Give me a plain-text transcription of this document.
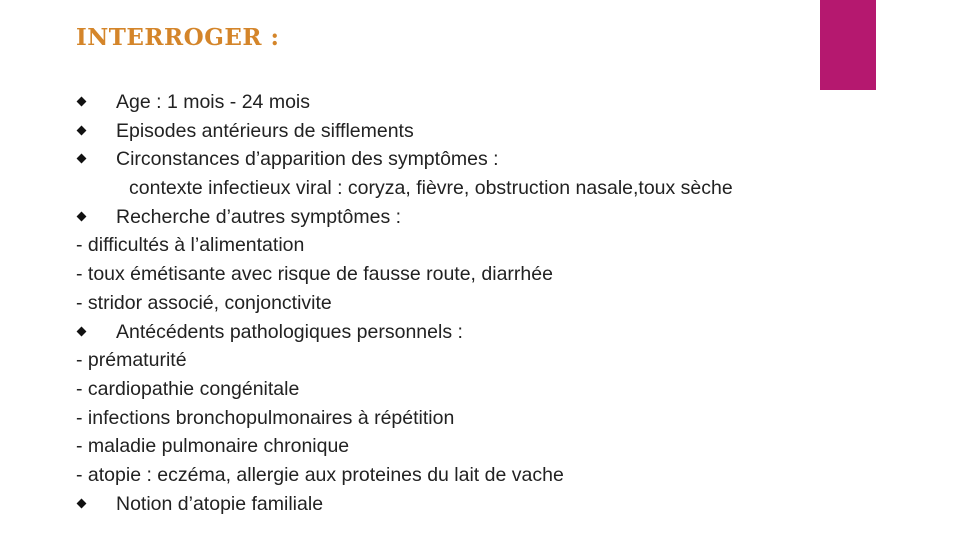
INTERROGER :
Age : 1 mois - 24 mois
Episodes antérieurs de sifflements
Circonstances d’apparition des symptômes :
contexte infectieux viral : coryza, fièvre, obstruction nasale,toux sèche
Recherche d’autres symptômes :
- difficultés à l’alimentation
- toux émétisante avec risque de fausse route, diarrhée
- stridor associé, conjonctivite
Antécédents pathologiques personnels :
- prématurité
- cardiopathie congénitale
- infections bronchopulmonaires à répétition
- maladie pulmonaire chronique
- atopie : eczéma, allergie aux proteines du lait de vache
Notion d’atopie familiale
